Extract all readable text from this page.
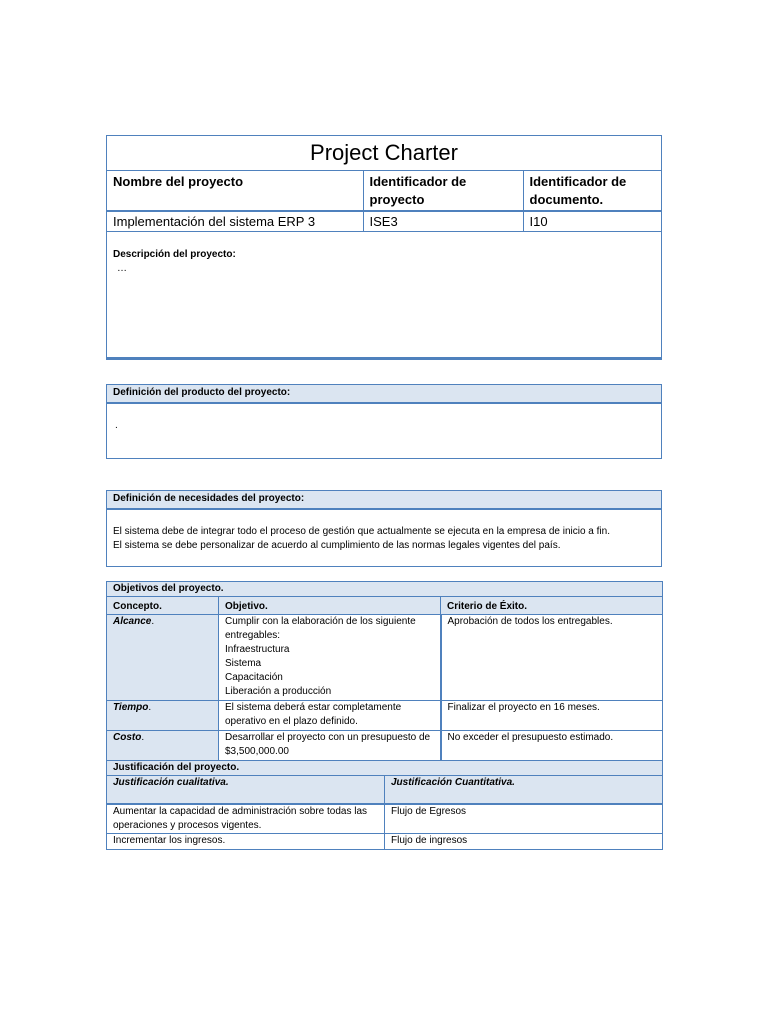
Project Charter
Nombre del proyecto	Identificador de proyecto	Identificador de documento.
Implementación del sistema ERP 3	ISE3	I10
Descripción del proyecto:
…
Definición del producto del proyecto:
.
Definición de necesidades del proyecto:
El sistema debe de integrar todo el proceso de gestión que actualmente se ejecuta en la empresa de inicio a fin.
El sistema se debe personalizar de acuerdo al cumplimiento de las normas legales vigentes del país.
Objetivos del proyecto.		
Concepto.	Objetivo.	Criterio de Éxito.
Alcance.	Cumplir con la elaboración de los siguiente entregables:
Infraestructura
Sistema
Capacitación
Liberación a producción	Aprobación de todos los entregables.
Tiempo.	El sistema deberá estar completamente operativo en el plazo definido.	Finalizar el proyecto en 16 meses.
Costo.	Desarrollar el proyecto con un presupuesto de $3,500,000.00	No exceder el presupuesto estimado.
Justificación del proyecto.	
Justificación cualitativa.	Justificación Cuantitativa.
Aumentar la capacidad de administración sobre todas las operaciones y procesos vigentes.	Flujo de Egresos
Incrementar los ingresos.	Flujo de ingresos
